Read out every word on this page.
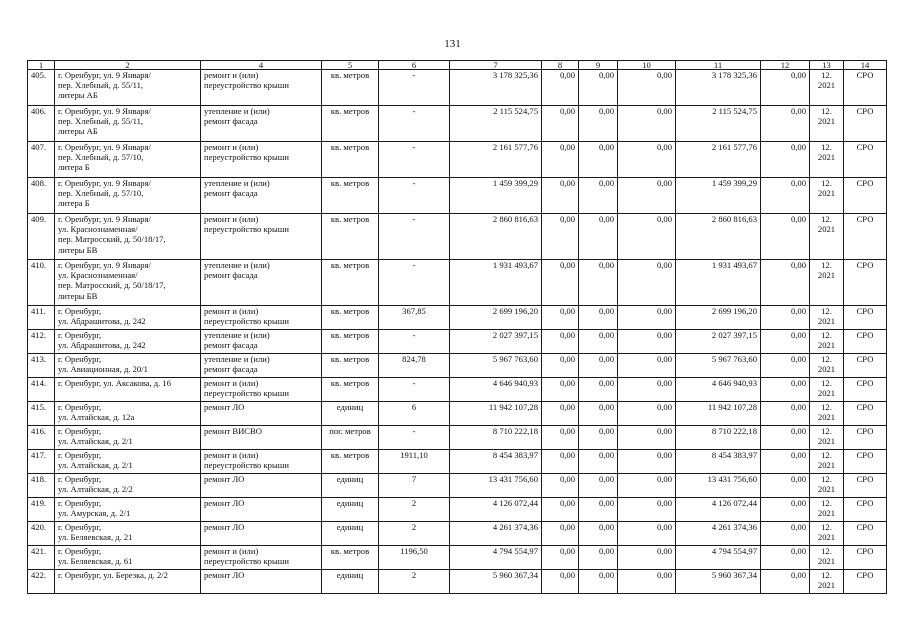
131
1	2	4	5	6	7	8	9	10	11	12	13	14
405.	г. Оренбург, ул. 9 Января/
пер. Хлебный, д. 55/11,
литеры АБ	ремонт и (или)
переустройство крыши	кв. метров	-	3 178 325,36	0,00	0,00	0,00	3 178 325,36	0,00	12.
2021	СРО
406.	г. Оренбург, ул. 9 Января/
пер. Хлебный, д. 55/11,
литеры АБ	утепление и (или)
ремонт фасада	кв. метров	-	2 115 524,75	0,00	0,00	0,00	2 115 524,75	0,00	12.
2021	СРО
407.	г. Оренбург, ул. 9 Января/
пер. Хлебный, д. 57/10,
литера Б	ремонт и (или)
переустройство крыши	кв. метров	-	2 161 577,76	0,00	0,00	0,00	2 161 577,76	0,00	12.
2021	СРО
408.	г. Оренбург, ул. 9 Января/
пер. Хлебный, д. 57/10,
литера Б	утепление и (или)
ремонт фасада	кв. метров	-	1 459 399,29	0,00	0,00	0,00	1 459 399,29	0,00	12.
2021	СРО
409.	г. Оренбург, ул. 9 Января/
ул. Краснознаменная/
пер. Матросский, д. 50/18/17,
литеры БВ	ремонт и (или)
переустройство крыши	кв. метров	-	2 860 816,63	0,00	0,00	0,00	2 860 816,63	0,00	12.
2021	СРО
410.	г. Оренбург, ул. 9 Января/
ул. Краснознаменная/
пер. Матросский, д. 50/18/17,
литеры БВ	утепление и (или)
ремонт фасада	кв. метров	-	1 931 493,67	0,00	0,00	0,00	1 931 493,67	0,00	12.
2021	СРО
411.	г. Оренбург,
ул. Абдрашитова, д. 242	ремонт и (или)
переустройство крыши	кв. метров	367,85	2 699 196,20	0,00	0,00	0,00	2 699 196,20	0,00	12.
2021	СРО
412.	г. Оренбург,
ул. Абдрашитова, д. 242	утепление и (или)
ремонт фасада	кв. метров	-	2 027 397,15	0,00	0,00	0,00	2 027 397,15	0,00	12.
2021	СРО
413.	г. Оренбург,
ул. Авиационная, д. 20/1	утепление и (или)
ремонт фасада	кв. метров	824,78	5 967 763,60	0,00	0,00	0,00	5 967 763,60	0,00	12.
2021	СРО
414.	г. Оренбург, ул. Аксакова, д. 16	ремонт и (или)
переустройство крыши	кв. метров	-	4 646 940,93	0,00	0,00	0,00	4 646 940,93	0,00	12.
2021	СРО
415.	г. Оренбург,
ул. Алтайская, д. 12а	ремонт ЛО	единиц	6	11 942 107,28	0,00	0,00	0,00	11 942 107,28	0,00	12.
2021	СРО
416.	г. Оренбург,
ул. Алтайская, д. 2/1	ремонт ВИСВО	пог. метров	-	8 710 222,18	0,00	0,00	0,00	8 710 222,18	0,00	12.
2021	СРО
417.	г. Оренбург,
ул. Алтайская, д. 2/1	ремонт и (или)
переустройство крыши	кв. метров	1911,10	8 454 383,97	0,00	0,00	0,00	8 454 383,97	0,00	12.
2021	СРО
418.	г. Оренбург,
ул. Алтайская, д. 2/2	ремонт ЛО	единиц	7	13 431 756,60	0,00	0,00	0,00	13 431 756,60	0,00	12.
2021	СРО
419.	г. Оренбург,
ул. Амурская, д. 2/1	ремонт ЛО	единиц	2	4 126 072,44	0,00	0,00	0,00	4 126 072,44	0,00	12.
2021	СРО
420.	г. Оренбург,
ул. Беляевская, д. 21	ремонт ЛО	единиц	2	4 261 374,36	0,00	0,00	0,00	4 261 374,36	0,00	12.
2021	СРО
421.	г. Оренбург,
ул. Беляевская, д. 61	ремонт и (или)
переустройство крыши	кв. метров	1196,50	4 794 554,97	0,00	0,00	0,00	4 794 554,97	0,00	12.
2021	СРО
422.	г. Оренбург, ул. Березка, д. 2/2	ремонт ЛО	единиц	2	5 960 367,34	0,00	0,00	0,00	5 960 367,34	0,00	12.
2021	СРО
